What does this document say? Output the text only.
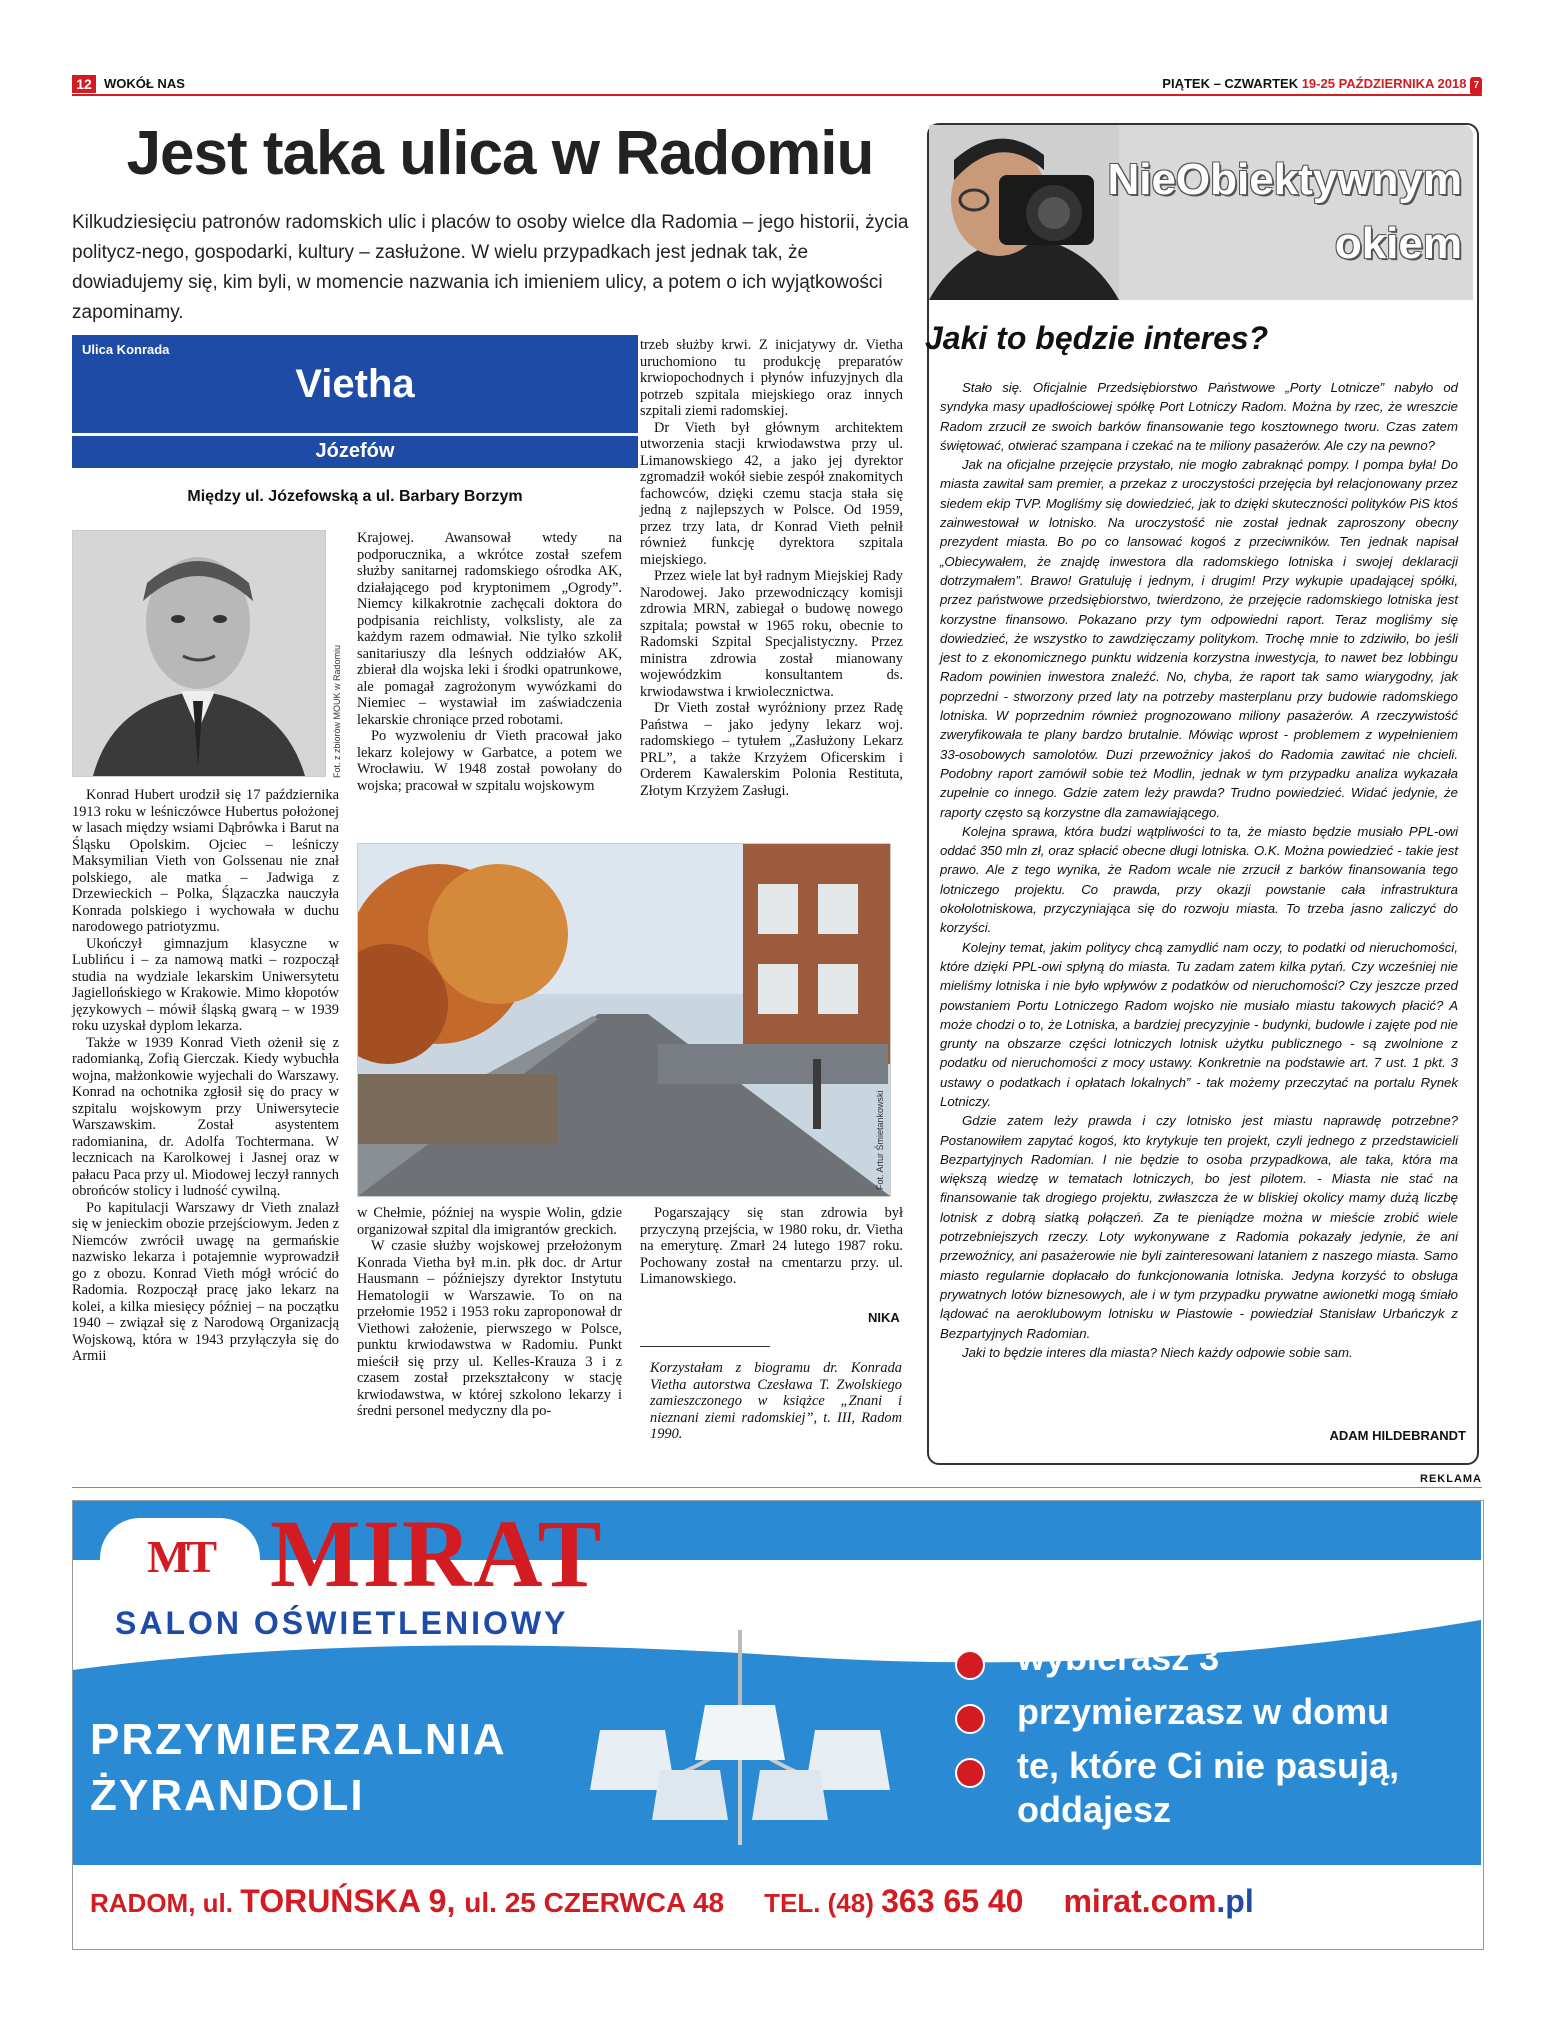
12 WOKÓŁ NAS	PIĄTEK – CZWARTEK 19-25 PAŹDZIERNIKA 2018 7
Jest taka ulica w Radomiu
Kilkudziesięciu patronów radomskich ulic i placów to osoby wielce dla Radomia – jego historii, życia politycz-nego, gospodarki, kultury – zasłużone. W wielu przypadkach jest jednak tak, że dowiadujemy się, kim byli, w momencie nazwania ich imieniem ulicy, a potem o ich wyjątkowości zapominamy.
Ulica Konrada
Vietha
Józefów
Między ul. Józefowską a ul. Barbary Borzym
Fot. z zbiorów MOUK w Radomiu

Konrad Hubert urodził się 17 października 1913 roku w leśniczówce Hubertus położonej w lasach między wsiami Dąbrówka i Barut na Śląsku Opolskim. Ojciec – leśniczy Maksymilian Vieth von Golssenau nie znał polskiego, ale matka – Jadwiga z Drzewieckich – Polka, Ślązaczka nauczyła Konrada polskiego i wychowała w duchu narodowego patriotyzmu.

Ukończył gimnazjum klasyczne w Lublińcu i – za namową matki – rozpoczął studia na wydziale lekarskim Uniwersytetu Jagiellońskiego w Krakowie. Mimo kłopotów językowych – mówił śląską gwarą – w 1939 roku uzyskał dyplom lekarza.

Także w 1939 Konrad Vieth ożenił się z radomianką, Zofią Gierczak. Kiedy wybuchła wojna, małżonkowie wyjechali do Warszawy. Konrad na ochotnika zgłosił się do pracy w szpitalu wojskowym przy Uniwersytecie Warszawskim. Został asystentem radomianina, dr. Adolfa Tochtermana. W lecznicach na Karolkowej i Jasnej oraz w pałacu Paca przy ul. Miodowej leczył rannych obrońców stolicy i ludność cywilną.

Po kapitulacji Warszawy dr Vieth znalazł się w jenieckim obozie przejściowym. Jeden z Niemców zwrócił uwagę na germańskie nazwisko lekarza i potajemnie wyprowadził go z obozu. Konrad Vieth mógł wrócić do Radomia. Rozpoczął pracę jako lekarz na kolei, a kilka miesięcy później – na początku 1940 – związał się z Narodową Organizacją Wojskową, która w 1943 przyłączyła się do Armii

Krajowej. Awansował wtedy na podporucznika, a wkrótce został szefem służby sanitarnej radomskiego ośrodka AK, działającego pod kryptonimem „Ogrody”. Niemcy kilkakrotnie zachęcali doktora do podpisania reichlisty, volkslisty, ale za każdym razem odmawiał. Nie tylko szkolił sanitariuszy dla leśnych oddziałów AK, zbierał dla wojska leki i środki opatrunkowe, ale pomagał zagrożonym wywózkami do Niemiec – wystawiał im zaświadczenia lekarskie chroniące przed robotami.

Po wyzwoleniu dr Vieth pracował jako lekarz kolejowy w Garbatce, a potem we Wrocławiu. W 1948 został powołany do wojska; pracował w szpitalu wojskowym

trzeb służby krwi. Z inicjatywy dr. Vietha uruchomiono tu produkcję preparatów krwiopochodnych i płynów infuzyjnych dla potrzeb szpitala miejskiego oraz innych szpitali ziemi radomskiej.

Dr Vieth był głównym architektem utworzenia stacji krwiodawstwa przy ul. Limanowskiego 42, a jako jej dyrektor zgromadził wokół siebie zespół znakomitych fachowców, dzięki czemu stacja stała się jedną z najlepszych w Polsce. Od 1959, przez trzy lata, dr Konrad Vieth pełnił również funkcję dyrektora szpitala miejskiego.

Przez wiele lat był radnym Miejskiej Rady Narodowej. Jako przewodniczący komisji zdrowia MRN, zabiegał o budowę nowego szpitala; powstał w 1965 roku, obecnie to Radomski Szpital Specjalistyczny. Przez ministra zdrowia został mianowany wojewódzkim konsultantem ds. krwiodawstwa i krwiolecznictwa.

Dr Vieth został wyróżniony przez Radę Państwa – jako jedyny lekarz woj. radomskiego – tytułem „Zasłużony Lekarz PRL”, a także Krzyżem Oficerskim i Orderem Kawalerskim Polonia Restituta, Złotym Krzyżem Zasługi.

Fot. Artur Śmietankowski

w Chełmie, później na wyspie Wolin, gdzie organizował szpital dla imigrantów greckich.

W czasie służby wojskowej przełożonym Konrada Vietha był m.in. płk doc. dr Artur Hausmann – późniejszy dyrektor Instytutu Hematologii w Warszawie. To on na przełomie 1952 i 1953 roku zaproponował dr Viethowi założenie, pierwszego w Polsce, punktu krwiodawstwa w Radomiu. Punkt mieścił się przy ul. Kelles-Krauza 3 i z czasem został przekształcony w stację krwiodawstwa, w której szkolono lekarzy i średni personel medyczny dla po-

Pogarszający się stan zdrowia był przyczyną przejścia, w 1980 roku, dr. Vietha na emeryturę. Zmarł 24 lutego 1987 roku. Pochowany został na cmentarzu przy. ul. Limanowskiego.

NIKA
Korzystałam z biogramu dr. Konrada Vietha autorstwa Czesława T. Zwolskiego zamieszczonego w książce „Znani i nieznani ziemi radomskiej”, t. III, Radom 1990.
NieObiektywnym
okiem
Jaki to będzie interes?

Stało się. Oficjalnie Przedsiębiorstwo Państwowe „Porty Lotnicze” nabyło od syndyka masy upadłościowej spółkę Port Lotniczy Radom. Można by rzec, że wreszcie Radom zrzucił ze swoich barków finansowanie tego kosztownego tworu. Czas zatem świętować, otwierać szampana i czekać na te miliony pasażerów. Ale czy na pewno?

Jak na oficjalne przejęcie przystało, nie mogło zabraknąć pompy. I pompa była! Do miasta zawitał sam premier, a przekaz z uroczystości przejęcia był relacjonowany przez siedem ekip TVP. Mogliśmy się dowiedzieć, jak to dzięki skuteczności polityków PiS ktoś zainwestował w lotnisko. Na uroczystość nie został jednak zaproszony obecny prezydent miasta. Bo po co lansować kogoś z przeciwników. Ten jednak napisał „Obiecywałem, że znajdę inwestora dla radomskiego lotniska i swojej deklaracji dotrzymałem”. Brawo! Gratuluję i jednym, i drugim! Przy wykupie upadającej spółki, przez państwowe przedsiębiorstwo, twierdzono, że przejęcie radomskiego lotniska jest korzystne finansowo. Pokazano przy tym odpowiedni raport. Teraz mogliśmy się dowiedzieć, że wszystko to zawdzięczamy politykom. Trochę mnie to zdziwiło, bo jeśli jest to z ekonomicznego punktu widzenia korzystna inwestycja, to nawet bez lobbingu Radom powinien inwestora znaleźć. No, chyba, że raport tak samo wiarygodny, jak poprzedni - stworzony przed laty na potrzeby masterplanu przy budowie radomskiego lotniska. W poprzednim również prognozowano miliony pasażerów. A rzeczywistość zweryfikowała te plany bardzo brutalnie. Mówiąc wprost - problemem z wypełnieniem 33-osobowych samolotów. Duzi przewoźnicy jakoś do Radomia zawitać nie chcieli. Podobny raport zamówił sobie też Modlin, jednak w tym przypadku analiza wykazała zupełnie co innego. Gdzie zatem leży prawda? Trudno powiedzieć. Widać jedynie, że raporty często są korzystne dla zamawiającego.

Kolejna sprawa, która budzi wątpliwości to ta, że miasto będzie musiało PPL-owi oddać 350 mln zł, oraz spłacić obecne długi lotniska. O.K. Można powiedzieć - takie jest prawo. Ale z tego wynika, że Radom wcale nie zrzucił z barków finansowania tego lotniczego projektu. Co prawda, przy okazji powstanie cała infrastruktura okołolotniskowa, przyczyniająca się do rozwoju miasta. To trzeba jasno zaliczyć do korzyści.

Kolejny temat, jakim politycy chcą zamydlić nam oczy, to podatki od nieruchomości, które dzięki PPL-owi spłyną do miasta. Tu zadam zatem kilka pytań. Czy wcześniej nie mieliśmy lotniska i nie było wpływów z podatków od nieruchomości? Czy jeszcze przed powstaniem Portu Lotniczego Radom wojsko nie musiało miastu takowych płacić? A może chodzi o to, że Lotniska, a bardziej precyzyjnie - budynki, budowle i zajęte pod nie grunty na obszarze części lotniczych lotnisk użytku publicznego - są zwolnione z podatku od nieruchomości z mocy ustawy. Konkretnie na podstawie art. 7 ust. 1 pkt. 3 ustawy o podatkach i opłatach lokalnych” - tak możemy przeczytać na portalu Rynek Lotniczy.

Gdzie zatem leży prawda i czy lotnisko jest miastu naprawdę potrzebne? Postanowiłem zapytać kogoś, kto krytykuje ten projekt, czyli jednego z przedstawicieli Bezpartyjnych Radomian. I nie będzie to osoba przypadkowa, ale taka, która ma większą wiedzę w tematach lotniczych, bo jest pilotem. - Miasta nie stać na finansowanie tak drogiego projektu, zwłaszcza że w bliskiej okolicy mamy dużą liczbę lotnisk z dobrą siatką połączeń. Za te pieniądze można w mieście zrobić wiele potrzebniejszych rzeczy. Loty wykonywane z Radomia pokazały jedynie, że ani przewoźnicy, ani pasażerowie nie byli zainteresowani lataniem z naszego miasta. Samo miasto regularnie dopłacało do funkcjonowania lotniska. Jedyna korzyść to obsługa prywatnych lotów biznesowych, ale i w tym przypadku prywatne awionetki mogą śmiało lądować na aeroklubowym lotnisku w Piastowie - powiedział Stanisław Urbańczyk z Bezpartyjnych Radomian.

Jaki to będzie interes dla miasta? Niech każdy odpowie sobie sam.

ADAM HILDEBRANDT
REKLAMA
MT MIRAT
SALON OŚWIETLENIOWY
PRZYMIERZALNIA
ŻYRANDOLI
wybierasz 3
przymierzasz w domu
te, które Ci nie pasują, oddajesz
RADOM, ul. TORUŃSKA 9, ul. 25 CZERWCA 48 TEL. (48) 363 65 40 mirat.com.pl
